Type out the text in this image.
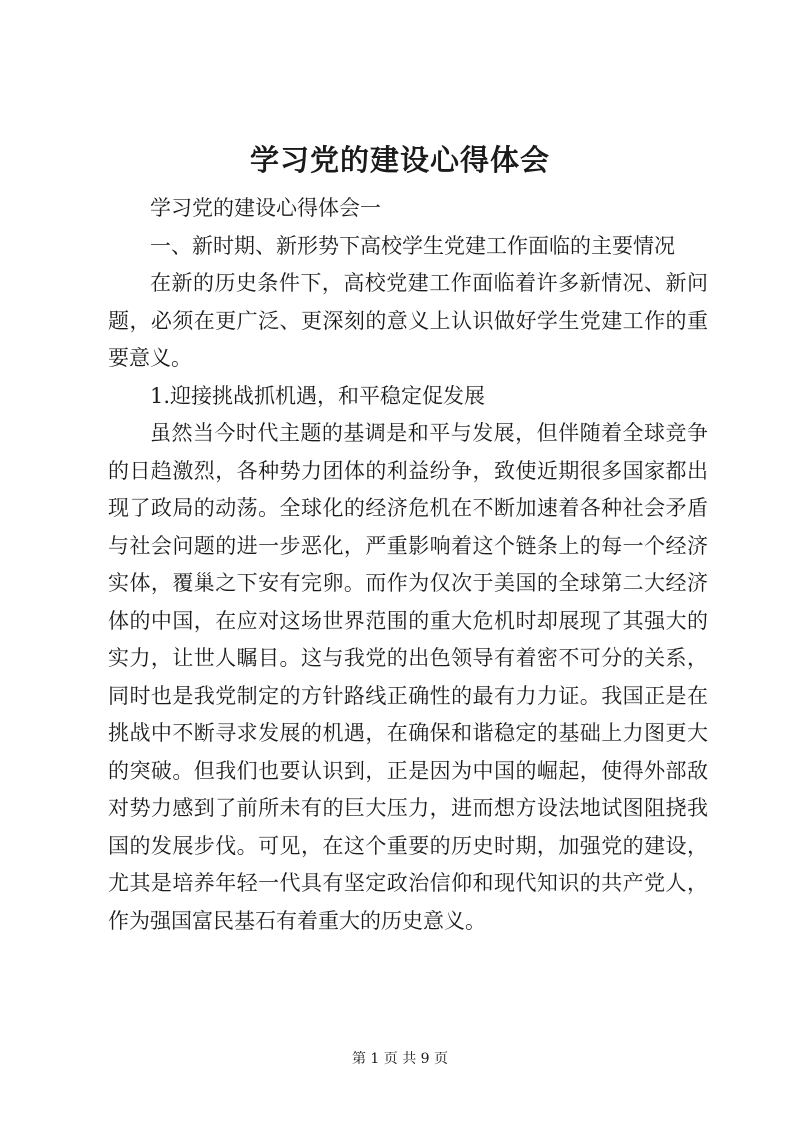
学习党的建设心得体会

学习党的建设心得体会一

一、新时期、新形势下高校学生党建工作面临的主要情况

在新的历史条件下，高校党建工作面临着许多新情况、新问题，必须在更广泛、更深刻的意义上认识做好学生党建工作的重要意义。

1.迎接挑战抓机遇，和平稳定促发展

虽然当今时代主题的基调是和平与发展，但伴随着全球竞争的日趋激烈，各种势力团体的利益纷争，致使近期很多国家都出现了政局的动荡。全球化的经济危机在不断加速着各种社会矛盾与社会问题的进一步恶化，严重影响着这个链条上的每一个经济实体，覆巢之下安有完卵。而作为仅次于美国的全球第二大经济体的中国，在应对这场世界范围的重大危机时却展现了其强大的实力，让世人瞩目。这与我党的出色领导有着密不可分的关系，同时也是我党制定的方针路线正确性的最有力力证。我国正是在挑战中不断寻求发展的机遇，在确保和谐稳定的基础上力图更大的突破。但我们也要认识到，正是因为中国的崛起，使得外部敌对势力感到了前所未有的巨大压力，进而想方设法地试图阻挠我国的发展步伐。可见，在这个重要的历史时期，加强党的建设，尤其是培养年轻一代具有坚定政治信仰和现代知识的共产党人，作为强国富民基石有着重大的历史意义。

第 1 页 共 9 页
